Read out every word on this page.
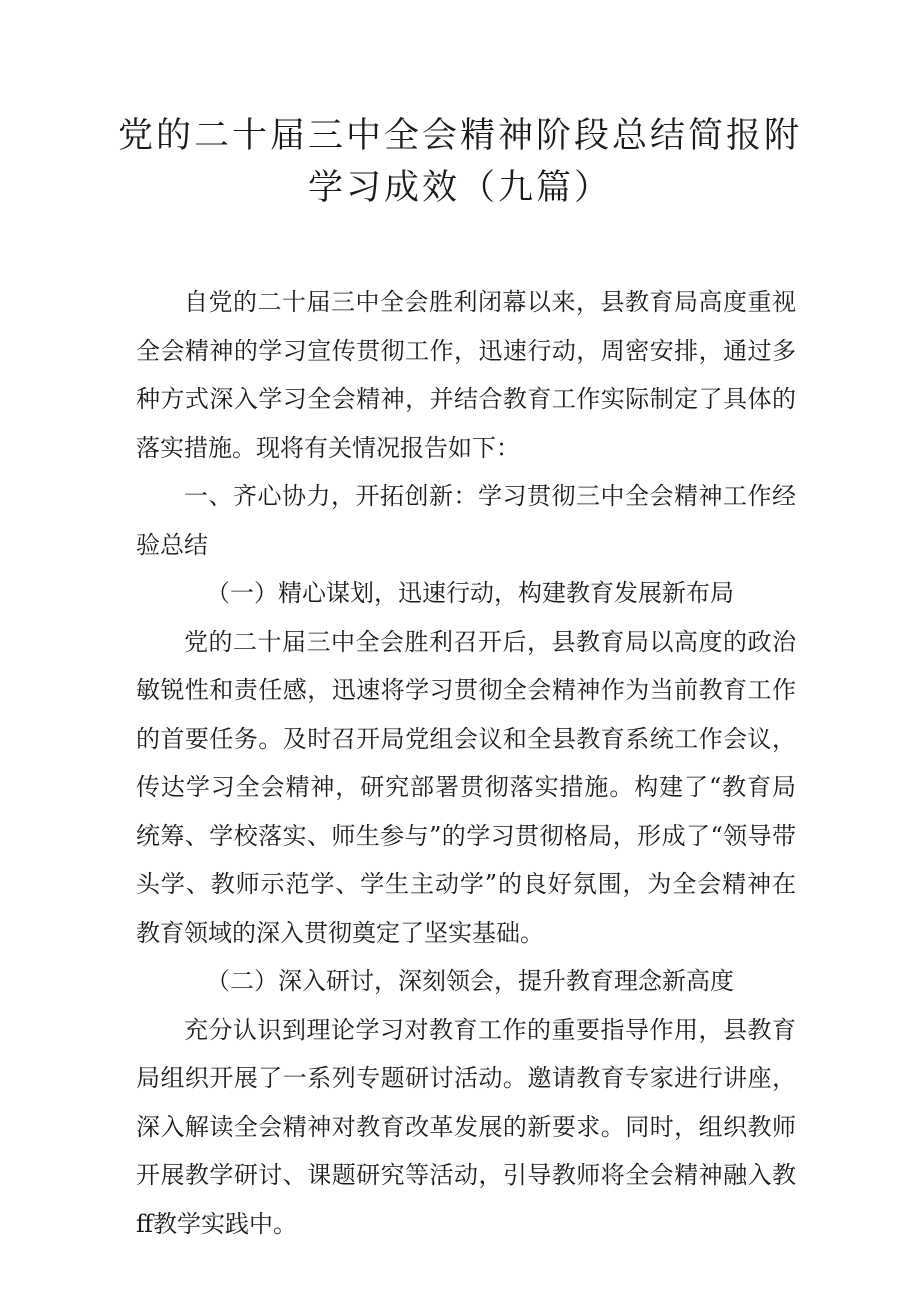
党的二十届三中全会精神阶段总结简报附
学习成效（九篇）

自党的二十届三中全会胜利闭幕以来，县教育局高度重视全会精神的学习宣传贯彻工作，迅速行动，周密安排，通过多种方式深入学习全会精神，并结合教育工作实际制定了具体的落实措施。现将有关情况报告如下：

一、齐心协力，开拓创新：学习贯彻三中全会精神工作经验总结

（一）精心谋划，迅速行动，构建教育发展新布局

党的二十届三中全会胜利召开后，县教育局以高度的政治敏锐性和责任感，迅速将学习贯彻全会精神作为当前教育工作的首要任务。及时召开局党组会议和全县教育系统工作会议，传达学习全会精神，研究部署贯彻落实措施。构建了“教育局统筹、学校落实、师生参与”的学习贯彻格局，形成了“领导带头学、教师示范学、学生主动学”的良好氛围，为全会精神在教育领域的深入贯彻奠定了坚实基础。

（二）深入研讨，深刻领会，提升教育理念新高度

充分认识到理论学习对教育工作的重要指导作用，县教育局组织开展了一系列专题研讨活动。邀请教育专家进行讲座，深入解读全会精神对教育改革发展的新要求。同时，组织教师开展教学研讨、课题研究等活动，引导教师将全会精神融入教ff教学实践中。
